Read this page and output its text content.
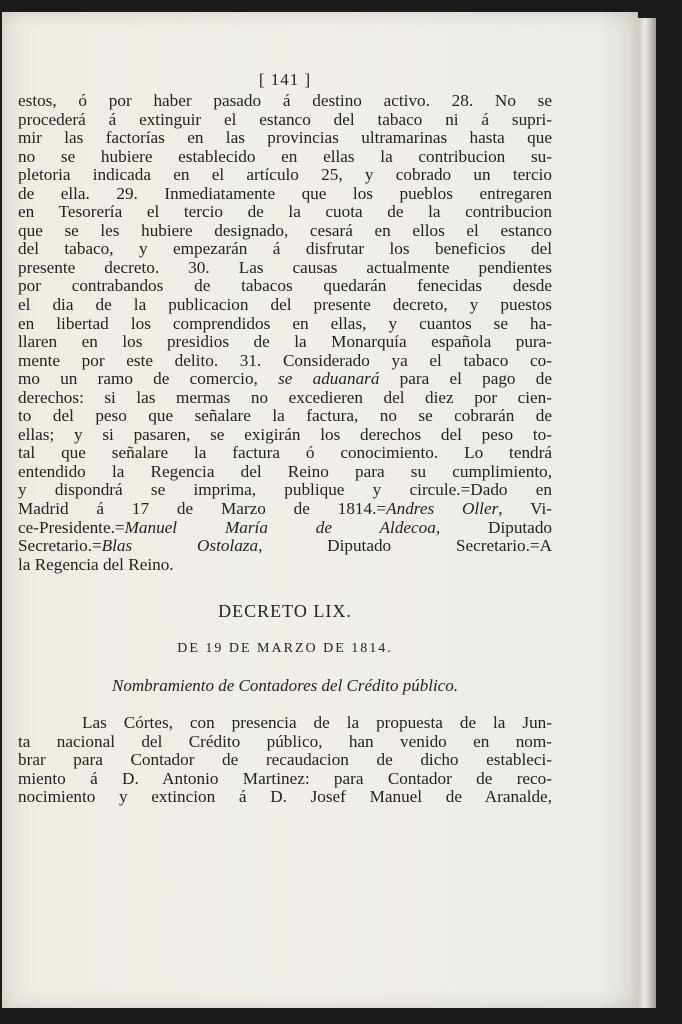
[ 141 ]
estos, ó por haber pasado á destino activo. 28. No se
procederá á extinguir el estanco del tabaco ni á supri-
mir las factorías en las provincias ultramarinas hasta que
no se hubiere establecido en ellas la contribucion su-
pletoria indicada en el artículo 25, y cobrado un tercio
de ella. 29. Inmediatamente que los pueblos entregaren
en Tesorería el tercio de la cuota de la contribucion
que se les hubiere designado, cesará en ellos el estanco
del tabaco, y empezarán á disfrutar los beneficios del
presente decreto. 30. Las causas actualmente pendientes
por contrabandos de tabacos quedarán fenecidas desde
el dia de la publicacion del presente decreto, y puestos
en libertad los comprendidos en ellas, y cuantos se ha-
llaren en los presidios de la Monarquía española pura-
mente por este delito. 31. Considerado ya el tabaco co-
mo un ramo de comercio, se aduanará para el pago de
derechos: si las mermas no excedieren del diez por cien-
to del peso que señalare la factura, no se cobrarán de
ellas; y si pasaren, se exigirán los derechos del peso to-
tal que señalare la factura ó conocimiento. Lo tendrá
entendido la Regencia del Reino para su cumplimiento,
y dispondrá se imprima, publique y circule.=Dado en
Madrid á 17 de Marzo de 1814.=Andres Oller, Vi-
ce-Presidente.=Manuel María de Aldecoa, Diputado
Secretario.=Blas Ostolaza, Diputado Secretario.=A
la Regencia del Reino.
DECRETO LIX.
DE 19 DE MARZO DE 1814.
Nombramiento de Contadores del Crédito público.
Las Córtes, con presencia de la propuesta de la Jun-
ta nacional del Crédito público, han venido en nom-
brar para Contador de recaudacion de dicho estableci-
miento á D. Antonio Martinez: para Contador de reco-
nocimiento y extincion á D. Josef Manuel de Aranalde,
